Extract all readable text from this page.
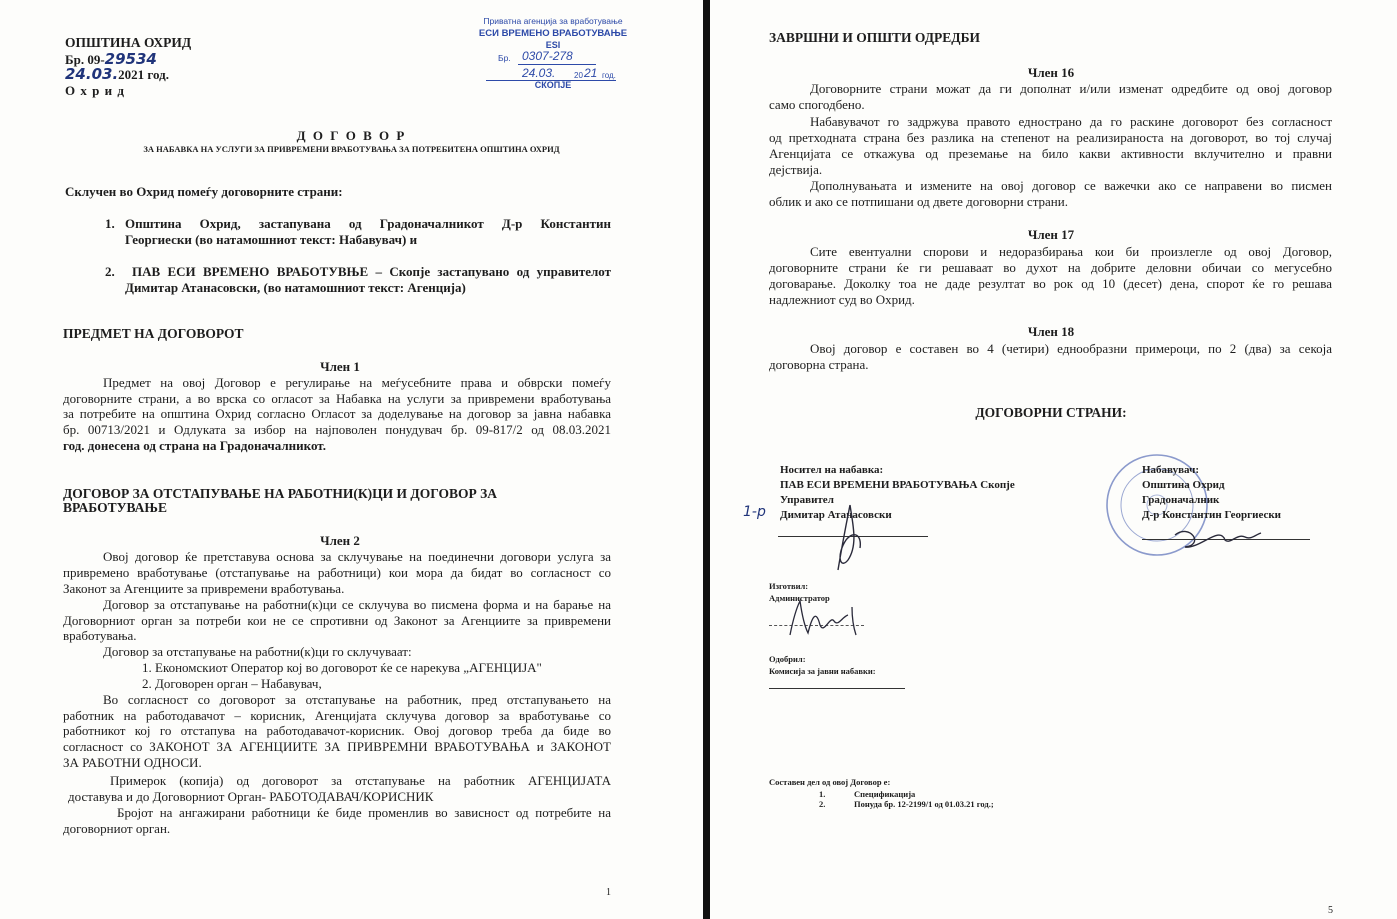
ОПШТИНА ОХРИД
Бр. 09-29534
24.03.2021 год.
О х р и д
Приватна агенција за вработување
ЕСИ ВРЕМЕНО ВРАБОТУВАЊЕ
ESI
Бр. 0307-278
24.03. 20 21 год.
СКОПЈЕ
Д О Г О В О Р
ЗА НАБАВКА НА УСЛУГИ ЗА ПРИВРЕМЕНИ ВРАБОТУВАЊА ЗА ПОТРЕБИТЕНА ОПШТИНА ОХРИД
Склучен во Охрид помеѓу договорните страни:
1. Општина Охрид, застапувана од Градоначалникот Д-р Константин
Георгиески (во натамошниот текст: Набавувач) и
2. ПАВ ЕСИ ВРЕМЕНО ВРАБОТУВЊЕ – Скопје застапувано од управителот
Димитар Атанасовски, (во натамошниот текст: Агенција)
ПРЕДМЕТ НА ДОГОВОРОТ
Член 1
Предмет на овој Договор е регулирање на меѓусебните права и обврски помеѓу
договорните страни, а во врска со огласот за Набавка на услуги за привремени вработувања
за потребите на општина Охрид согласно Огласот за доделување на договор за јавна набавка
бр. 00713/2021 и Одлуката за избор на најповолен понудувач бр. 09-817/2 од 08.03.2021
год. донесена од страна на Градоначалникот.
ДОГОВОР ЗА ОТСТАПУВАЊЕ НА РАБОТНИ(К)ЦИ И ДОГОВОР ЗА
ВРАБОТУВАЊЕ
Член 2
Овој договор ќе претставува основа за склучување на поединечни договори услуга за
привремено вработување (отстапување на работници) кои мора да бидат во согласност со
Законот за Агенциите за привремени вработувања.
Договор за отстапување на работни(к)ци се склучува во писмена форма и на барање на
Договорниот орган за потреби кои не се спротивни од Законот за Агенциите за привремени
вработувања.
Договор за отстапување на работни(к)ци го склучуваат:
1. Економскиот Оператор кој во договорот ќе се нарекува „АГЕНЦИЈА"
2. Договорен орган – Набавувач,
Во согласност со договорот за отстапување на работник, пред отстапувањето на
работник на работодавачот – корисник, Агенцијата склучува договор за вработување со
работникот кој го отстапува на работодавачот-корисник. Овој договор треба да биде во
согласност со ЗАКОНОТ ЗА АГЕНЦИИТЕ ЗА ПРИВРЕМНИ ВРАБОТУВАЊА и ЗАКОНОТ
ЗА РАБОТНИ ОДНОСИ.
Примерок (копија) од договорот за отстапување на работник АГЕНЦИЈАТА
доставува и до Договорниот Орган- РАБОТОДАВАЧ/КОРИСНИК
Бројот на ангажирани работници ќе биде променлив во зависност од потребите на
договорниот орган.
1
ЗАВРШНИ И ОПШТИ ОДРЕДБИ
Член 16
Договорните страни можат да ги дополнат и/или изменат одредбите од овој договор
само спогодбено.
Набавувачот го задржува правото еднострано да го раскине договорот без согласност
од претходната страна без разлика на степенот на реализираноста на договорот, во тој случај
Агенцијата се откажува од преземање на било какви активности вклучително и правни
дејствија.
Дополнувањата и измените на овој договор се важечки ако се направени во писмен
облик и ако се потпишани од двете договорни страни.
Член 17
Сите евентуални спорови и недоразбирања кои би произлегле од овој Договор,
договорните страни ќе ги решаваат во духот на добрите деловни обичаи со мегусебно
договарање. Доколку тоа не даде резултат во рок од 10 (десет) дена, спорот ќе го решава
надлежниот суд во Охрид.
Член 18
Овој договор е составен во 4 (четири) еднообразни примероци, по 2 (два) за секоја
договорна страна.
ДОГОВОРНИ СТРАНИ:
Носител на набавка:
ПАВ ЕСИ ВРЕМЕНИ ВРАБОТУВАЊА Скопје
Управител
1-р Димитар Атанасовски
Набавувач:
Општина Охрид
Градоначалник
Д-р Константин Георгиески
Изготвил:
Администратор
Одобрил:
Комисија за јавни набавки:
Составен дел од овој Договор е:
1.	Спецификација
2.	Понуда бр. 12-2199/1 од 01.03.21 год.;
5
